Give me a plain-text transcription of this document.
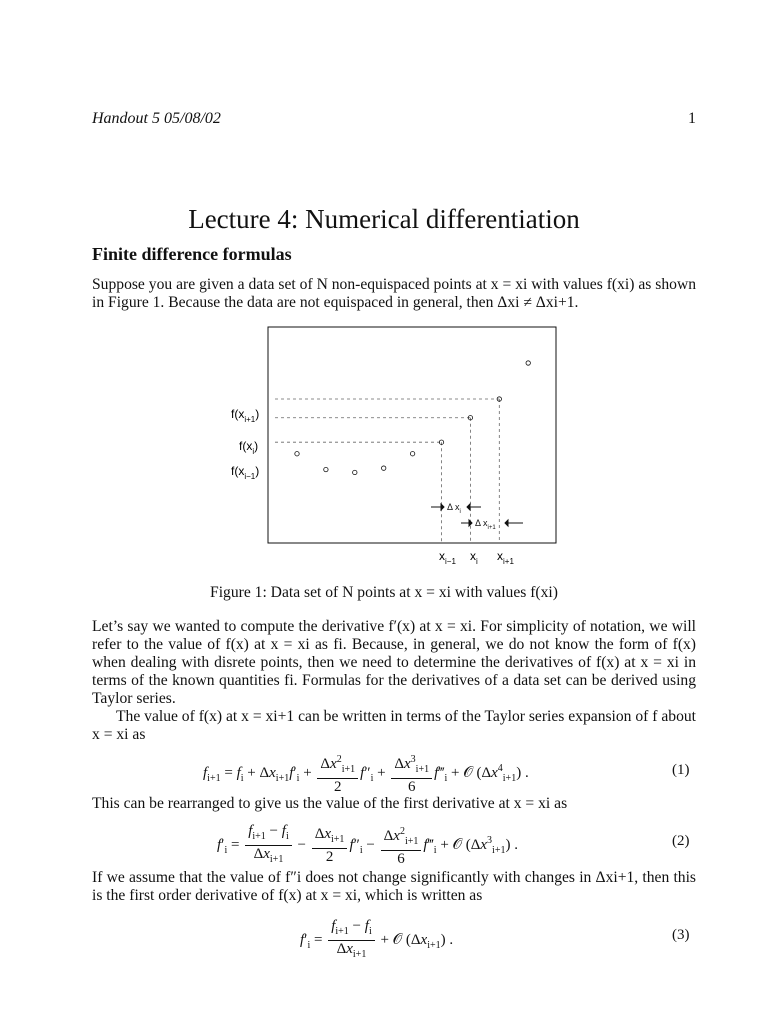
Handout 5 05/08/02	1
Lecture 4: Numerical differentiation
Finite difference formulas

Suppose you are given a data set of N non-equispaced points at x = xi with values f(xi) as shown in Figure 1. Because the data are not equispaced in general, then Δxi ≠ Δxi+1.

$f(x_{i+1})$
$f(x_i)$
$f(x_{i-1})$
$x_{i-1}$ $x_i$ $x_{i+1}$
Δ $x_i$
Δ $x_{i+1}$
Figure 1: Data set of N points at x = xi with values f(xi)

Let’s say we wanted to compute the derivative f′(x) at x = xi. For simplicity of notation, we will refer to the value of f(x) at x = xi as fi. Because, in general, we do not know the form of f(x) when dealing with disrete points, then we need to determine the derivatives of f(x) at x = xi in terms of the known quantities fi. Formulas for the derivatives of a data set can be derived using Taylor series.

The value of f(x) at x = xi+1 can be written in terms of the Taylor series expansion of f about x = xi as

$f_{i+1} = f_i + \Delta x_{i+1}f'_i + \frac{\Delta x^2_{i+1}}{2} f''_i + \frac{\Delta x^3_{i+1}}{6}$ $f‴_i$ + 𝒪 $(\Delta x^4_{i+1})$ .	(1)

This can be rearranged to give us the value of the first derivative at x = xi as

$f'_i = \frac{f_{i+1} - f_i}{\Delta x_{i+1}} - \frac{\Delta x_{i+1}}{2} f''_i - \frac{\Delta x^2_{i+1}}{6}$ $f‴_i$ + 𝒪 $(\Delta x^3_{i+1})$ .	(2)

If we assume that the value of f″i does not change significantly with changes in Δxi+1, then this is the first order derivative of f(x) at x = xi, which is written as

$f'_i = \frac{f_{i+1} - f_i}{\Delta x_{i+1}}$ + 𝒪 $(\Delta x_{i+1})$ .	(3)
